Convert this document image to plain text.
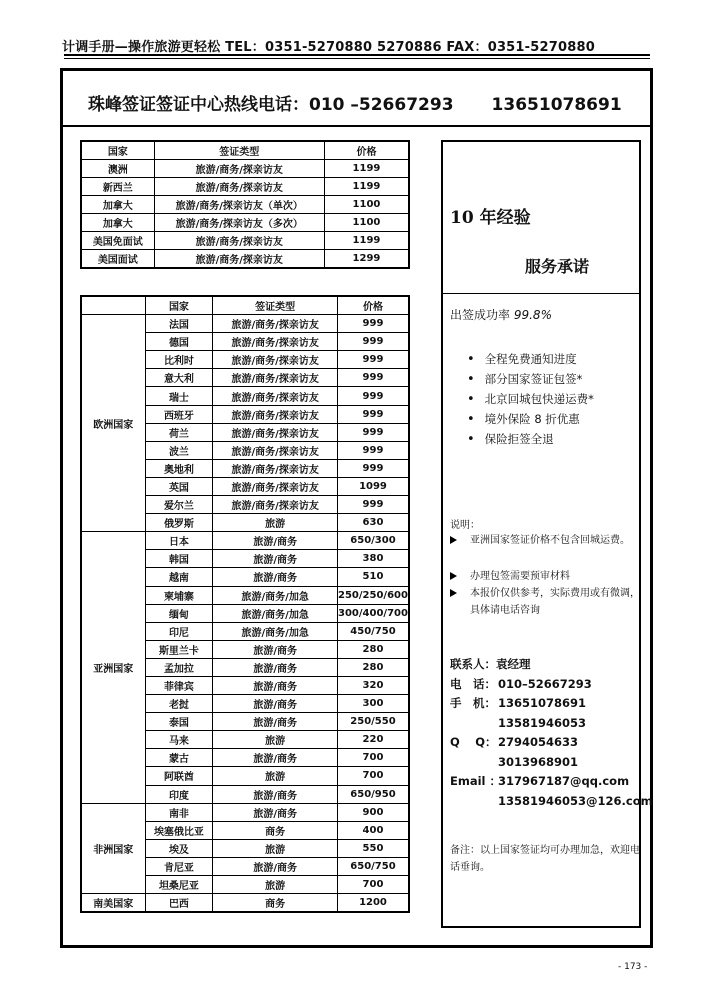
计调手册—操作旅游更轻松 TEL：0351-5270880 5270886 FAX：0351-5270880
珠峰签证签证中心热线电话：010 –52667293 13651078691
国家	签证类型	价格
澳洲	旅游/商务/探亲访友	1199
新西兰	旅游/商务/探亲访友	1199
加拿大	旅游/商务/探亲访友（单次）	1100
加拿大	旅游/商务/探亲访友（多次）	1100
美国免面试	旅游/商务/探亲访友	1199
美国面试	旅游/商务/探亲访友	1299
	国家	签证类型	价格
欧洲国家	法国	旅游/商务/探亲访友	999
	德国	旅游/商务/探亲访友	999
	比利时	旅游/商务/探亲访友	999
	意大利	旅游/商务/探亲访友	999
	瑞士	旅游/商务/探亲访友	999
	西班牙	旅游/商务/探亲访友	999
	荷兰	旅游/商务/探亲访友	999
	波兰	旅游/商务/探亲访友	999
	奥地利	旅游/商务/探亲访友	999
	英国	旅游/商务/探亲访友	1099
	爱尔兰	旅游/商务/探亲访友	999
	俄罗斯	旅游	630
亚洲国家	日本	旅游/商务	650/300
	韩国	旅游/商务	380
	越南	旅游/商务	510
	柬埔寨	旅游/商务/加急	250/250/600
	缅甸	旅游/商务/加急	300/400/700
	印尼	旅游/商务/加急	450/750
	斯里兰卡	旅游/商务	280
	孟加拉	旅游/商务	280
	菲律宾	旅游/商务	320
	老挝	旅游/商务	300
	泰国	旅游/商务	250/550
	马来	旅游	220
	蒙古	旅游/商务	700
	阿联酋	旅游	700
	印度	旅游/商务	650/950
非洲国家	南非	旅游/商务	900
	埃塞俄比亚	商务	400
	埃及	旅游	550
	肯尼亚	旅游/商务	650/750
	坦桑尼亚	旅游	700
南美国家	巴西	商务	1200
10 年经验
服务承诺
出签成功率 99.8%
• 全程免费通知进度
• 部分国家签证包签*
• 北京回城包快递运费*
• 境外保险 8 折优惠
• 保险拒签全退
说明：
亚洲国家签证价格不包含回城运费。
办理包签需要预审材料
本报价仅供参考，实际费用或有微调，具体请电话咨询
联系人：袁经理
电　话： 010–52667293
手　机： 13651078691
13581946053
Q　 Q：2794054633
3013968901
Email ：317967187@qq.com
13581946053@126.com
备注：以上国家签证均可办理加急，欢迎电话垂询。
- 173 -
